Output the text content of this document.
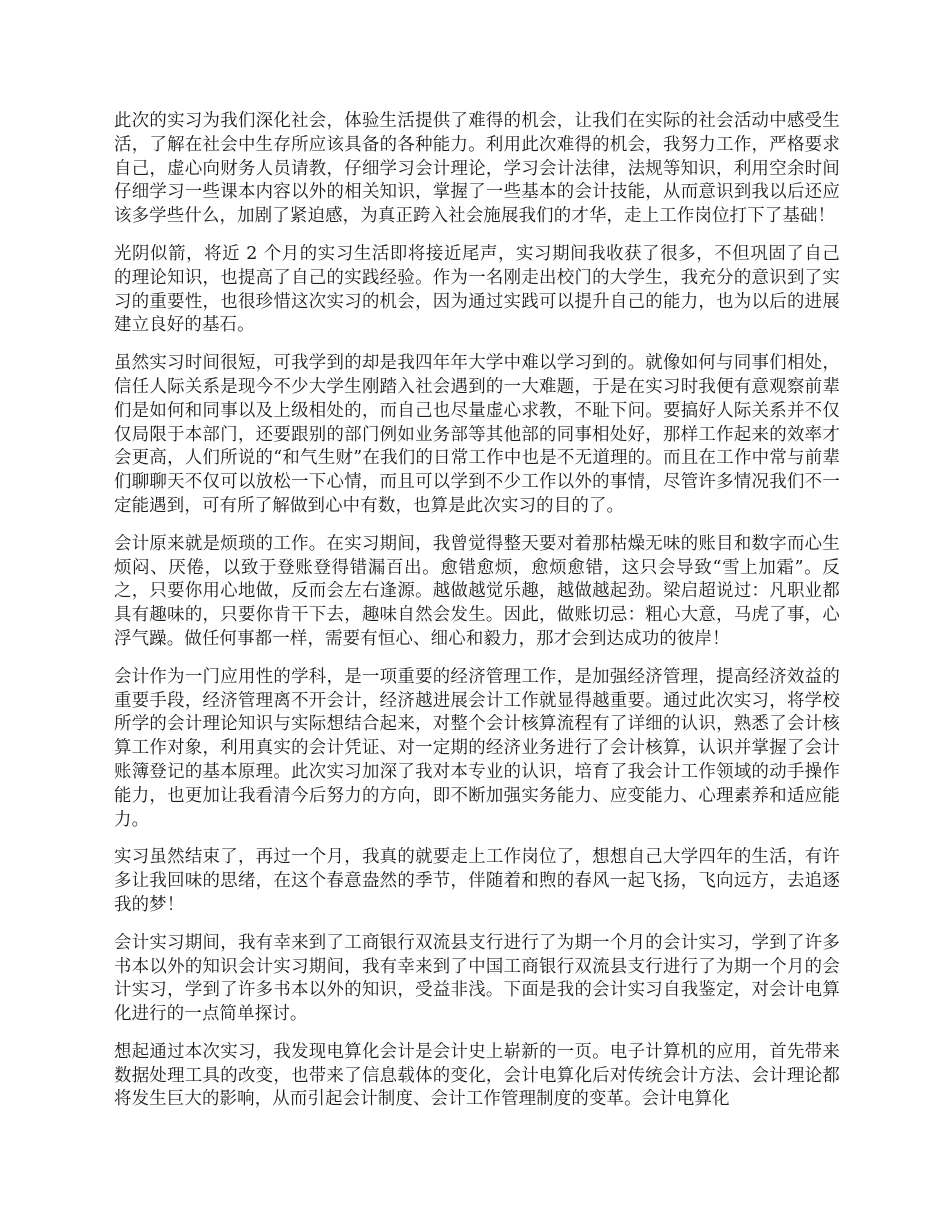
此次的实习为我们深化社会，体验生活提供了难得的机会，让我们在实际的社会活动中感受生活，了解在社会中生存所应该具备的各种能力。利用此次难得的机会，我努力工作，严格要求自己，虚心向财务人员请教，仔细学习会计理论，学习会计法律，法规等知识，利用空余时间仔细学习一些课本内容以外的相关知识，掌握了一些基本的会计技能，从而意识到我以后还应该多学些什么，加剧了紧迫感，为真正跨入社会施展我们的才华，走上工作岗位打下了基础！

光阴似箭，将近 2 个月的实习生活即将接近尾声，实习期间我收获了很多，不但巩固了自己的理论知识，也提高了自己的实践经验。作为一名刚走出校门的大学生，我充分的意识到了实习的重要性，也很珍惜这次实习的机会，因为通过实践可以提升自己的能力，也为以后的进展建立良好的基石。

虽然实习时间很短，可我学到的却是我四年年大学中难以学习到的。就像如何与同事们相处，信任人际关系是现今不少大学生刚踏入社会遇到的一大难题，于是在实习时我便有意观察前辈们是如何和同事以及上级相处的，而自己也尽量虚心求教，不耻下问。要搞好人际关系并不仅仅局限于本部门，还要跟别的部门例如业务部等其他部的同事相处好，那样工作起来的效率才会更高，人们所说的“和气生财”在我们的日常工作中也是不无道理的。而且在工作中常与前辈们聊聊天不仅可以放松一下心情，而且可以学到不少工作以外的事情，尽管许多情况我们不一定能遇到，可有所了解做到心中有数，也算是此次实习的目的了。

会计原来就是烦琐的工作。在实习期间，我曾觉得整天要对着那枯燥无味的账目和数字而心生烦闷、厌倦，以致于登账登得错漏百出。愈错愈烦，愈烦愈错，这只会导致“雪上加霜”。反之，只要你用心地做，反而会左右逢源。越做越觉乐趣，越做越起劲。梁启超说过：凡职业都具有趣味的，只要你肯干下去，趣味自然会发生。因此，做账切忌：粗心大意，马虎了事，心浮气躁。做任何事都一样，需要有恒心、细心和毅力，那才会到达成功的彼岸！

会计作为一门应用性的学科，是一项重要的经济管理工作，是加强经济管理，提高经济效益的重要手段，经济管理离不开会计，经济越进展会计工作就显得越重要。通过此次实习，将学校所学的会计理论知识与实际想结合起来，对整个会计核算流程有了详细的认识，熟悉了会计核算工作对象，利用真实的会计凭证、对一定期的经济业务进行了会计核算，认识并掌握了会计账簿登记的基本原理。此次实习加深了我对本专业的认识，培育了我会计工作领域的动手操作能力，也更加让我看清今后努力的方向，即不断加强实务能力、应变能力、心理素养和适应能力。

实习虽然结束了，再过一个月，我真的就要走上工作岗位了，想想自己大学四年的生活，有许多让我回味的思绪，在这个春意盎然的季节，伴随着和煦的春风一起飞扬，飞向远方，去追逐我的梦！

会计实习期间，我有幸来到了工商银行双流县支行进行了为期一个月的会计实习，学到了许多书本以外的知识会计实习期间，我有幸来到了中国工商银行双流县支行进行了为期一个月的会计实习，学到了许多书本以外的知识，受益非浅。下面是我的会计实习自我鉴定，对会计电算化进行的一点简单探讨。

想起通过本次实习，我发现电算化会计是会计史上崭新的一页。电子计算机的应用，首先带来数据处理工具的改变，也带来了信息载体的变化，会计电算化后对传统会计方法、会计理论都将发生巨大的影响，从而引起会计制度、会计工作管理制度的变革。会计电算化
